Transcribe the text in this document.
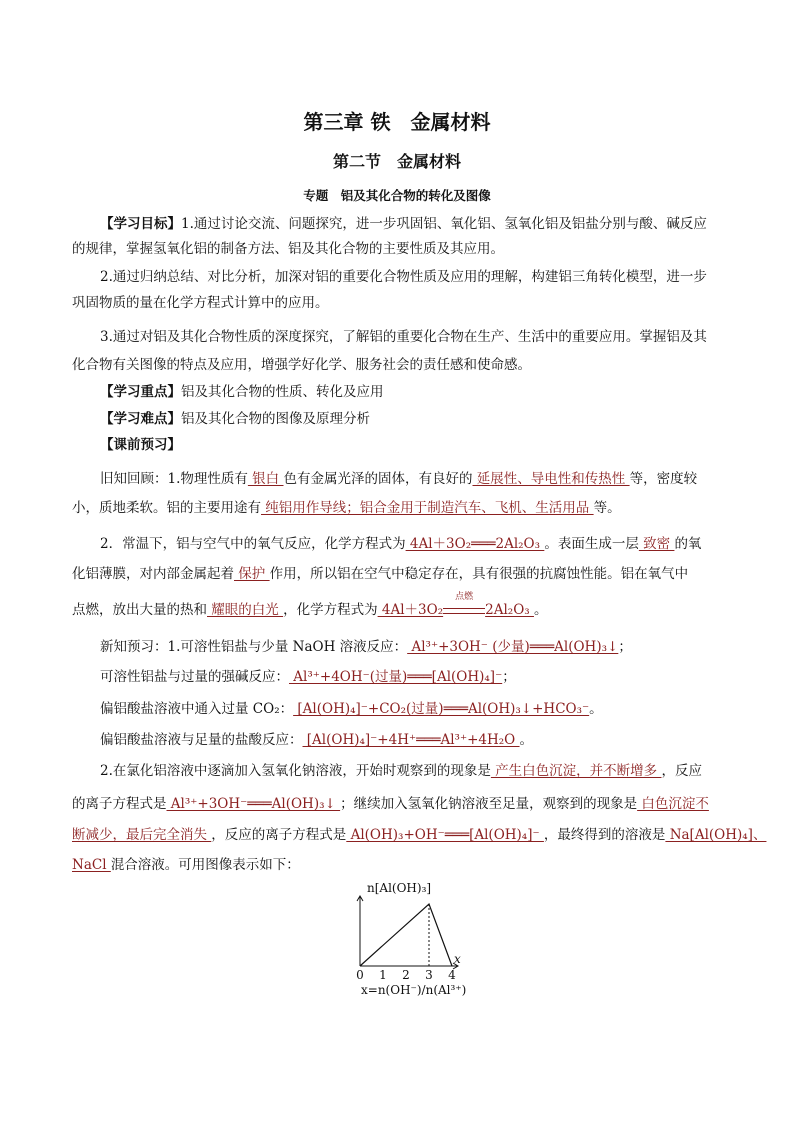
第三章 铁　金属材料
第二节　金属材料
专题　铝及其化合物的转化及图像
【学习目标】1.通过讨论交流、问题探究，进一步巩固铝、氧化铝、氢氧化铝及铝盐分别与酸、碱反应
的规律，掌握氢氧化铝的制备方法、铝及其化合物的主要性质及其应用。
2.通过归纳总结、对比分析，加深对铝的重要化合物性质及应用的理解，构建铝三角转化模型，进一步
巩固物质的量在化学方程式计算中的应用。
3.通过对铝及其化合物性质的深度探究，了解铝的重要化合物在生产、生活中的重要应用。掌握铝及其
化合物有关图像的特点及应用，增强学好化学、服务社会的责任感和使命感。
【学习重点】铝及其化合物的性质、转化及应用
【学习难点】铝及其化合物的图像及原理分析
【课前预习】
旧知回顾：1.物理性质有 银白 色有金属光泽的固体，有良好的 延展性、导电性和传热性 等，密度较
小，质地柔软。铝的主要用途有 纯铝用作导线；铝合金用于制造汽车、飞机、生活用品 等。
2．常温下，铝与空气中的氧气反应，化学方程式为 4Al＋3O₂═══2Al₂O₃ 。表面生成一层 致密 的氧
化铝薄膜，对内部金属起着 保护 作用，所以铝在空气中稳定存在，具有很强的抗腐蚀性能。铝在氧气中
点燃，放出大量的热和 耀眼的白光 ，化学方程式为 4Al＋3O₂
点燃
2Al₂O₃ 。
新知预习：1.可溶性铝盐与少量 NaOH 溶液反应： Al³⁺+3OH⁻ (少量)═══Al(OH)₃↓；
可溶性铝盐与过量的强碱反应： Al³⁺+4OH⁻(过量)═══[Al(OH)₄]⁻；
偏铝酸盐溶液中通入过量 CO₂： [Al(OH)₄]⁻+CO₂(过量)═══Al(OH)₃↓+HCO₃⁻。
偏铝酸盐溶液与足量的盐酸反应： [Al(OH)₄]⁻+4H⁺═══Al³⁺+4H₂O 。
2.在氯化铝溶液中逐滴加入氢氧化钠溶液，开始时观察到的现象是 产生白色沉淀，并不断增多 ，反应
的离子方程式是 Al³⁺+3OH⁻═══Al(OH)₃↓ ；继续加入氢氧化钠溶液至足量，观察到的现象是 白色沉淀不
断减少，最后完全消失 ，反应的离子方程式是 Al(OH)₃+OH⁻═══[Al(OH)₄]⁻ ，最终得到的溶液是 Na[Al(OH)₄]、
NaCl 混合溶液。可用图像表示如下：
0 1 2 3 4
x
n[Al(OH)₃]
x=n(OH⁻)/n(Al³⁺)
